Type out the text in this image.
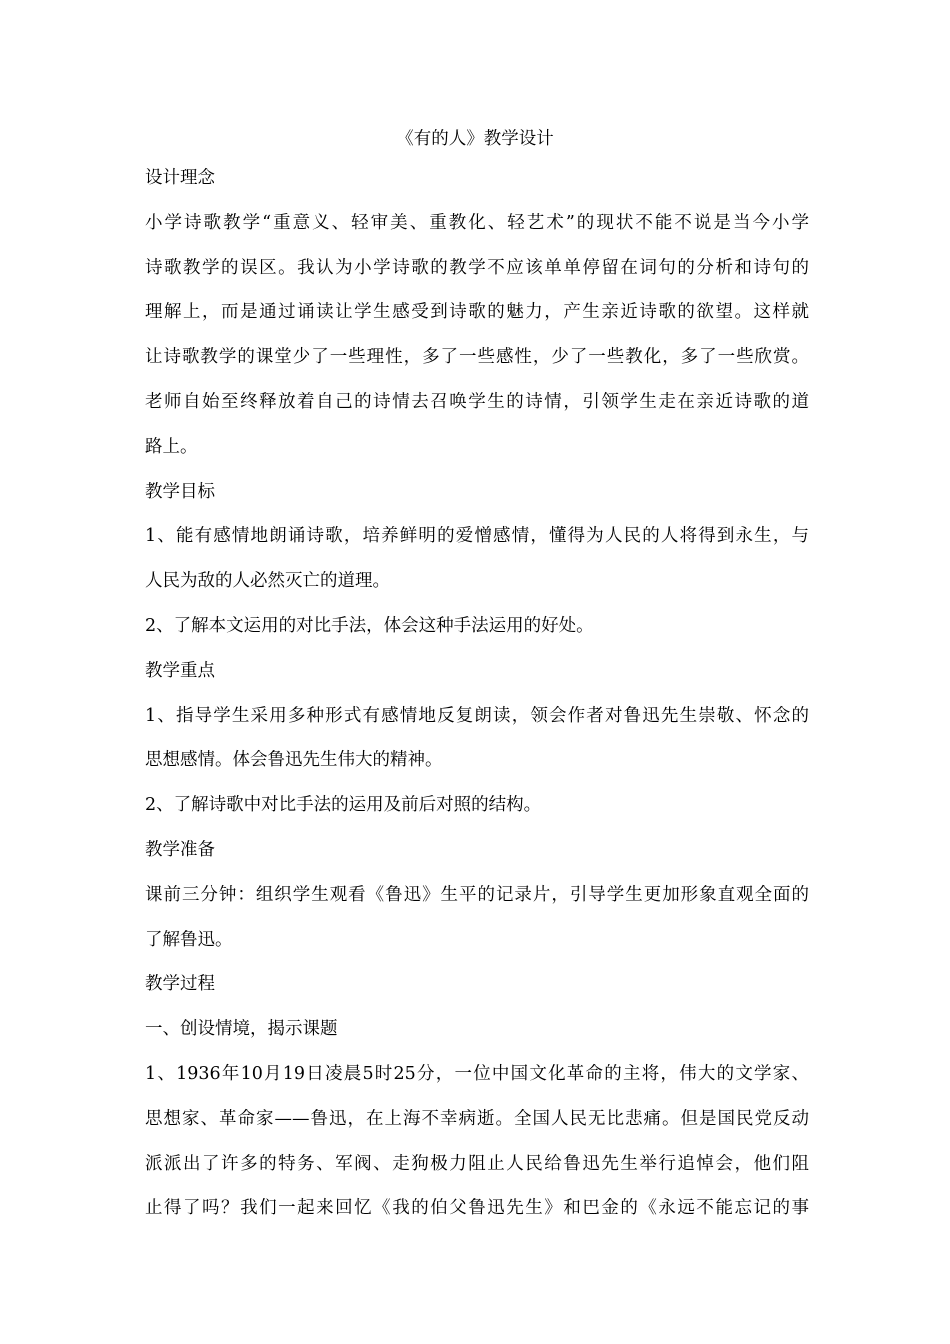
《有的人》教学设计
设计理念
小学诗歌教学“重意义、轻审美、重教化、轻艺术”的现状不能不说是当今小学
诗歌教学的误区。我认为小学诗歌的教学不应该单单停留在词句的分析和诗句的
理解上，而是通过诵读让学生感受到诗歌的魅力，产生亲近诗歌的欲望。这样就
让诗歌教学的课堂少了一些理性，多了一些感性，少了一些教化，多了一些欣赏。
老师自始至终释放着自己的诗情去召唤学生的诗情，引领学生走在亲近诗歌的道
路上。
教学目标
1、能有感情地朗诵诗歌，培养鲜明的爱憎感情，懂得为人民的人将得到永生，与
人民为敌的人必然灭亡的道理。
2、了解本文运用的对比手法，体会这种手法运用的好处。
教学重点
1、指导学生采用多种形式有感情地反复朗读，领会作者对鲁迅先生崇敬、怀念的
思想感情。体会鲁迅先生伟大的精神。
2、了解诗歌中对比手法的运用及前后对照的结构。
教学准备
课前三分钟：组织学生观看《鲁迅》生平的记录片，引导学生更加形象直观全面的
了解鲁迅。
教学过程
一、创设情境，揭示课题
1、1936年10月19日凌晨5时25分，一位中国文化革命的主将，伟大的文学家、
思想家、革命家——鲁迅，在上海不幸病逝。全国人民无比悲痛。但是国民党反动
派派出了许多的特务、军阀、走狗极力阻止人民给鲁迅先生举行追悼会，他们阻
止得了吗？我们一起来回忆《我的伯父鲁迅先生》和巴金的《永远不能忘记的事
